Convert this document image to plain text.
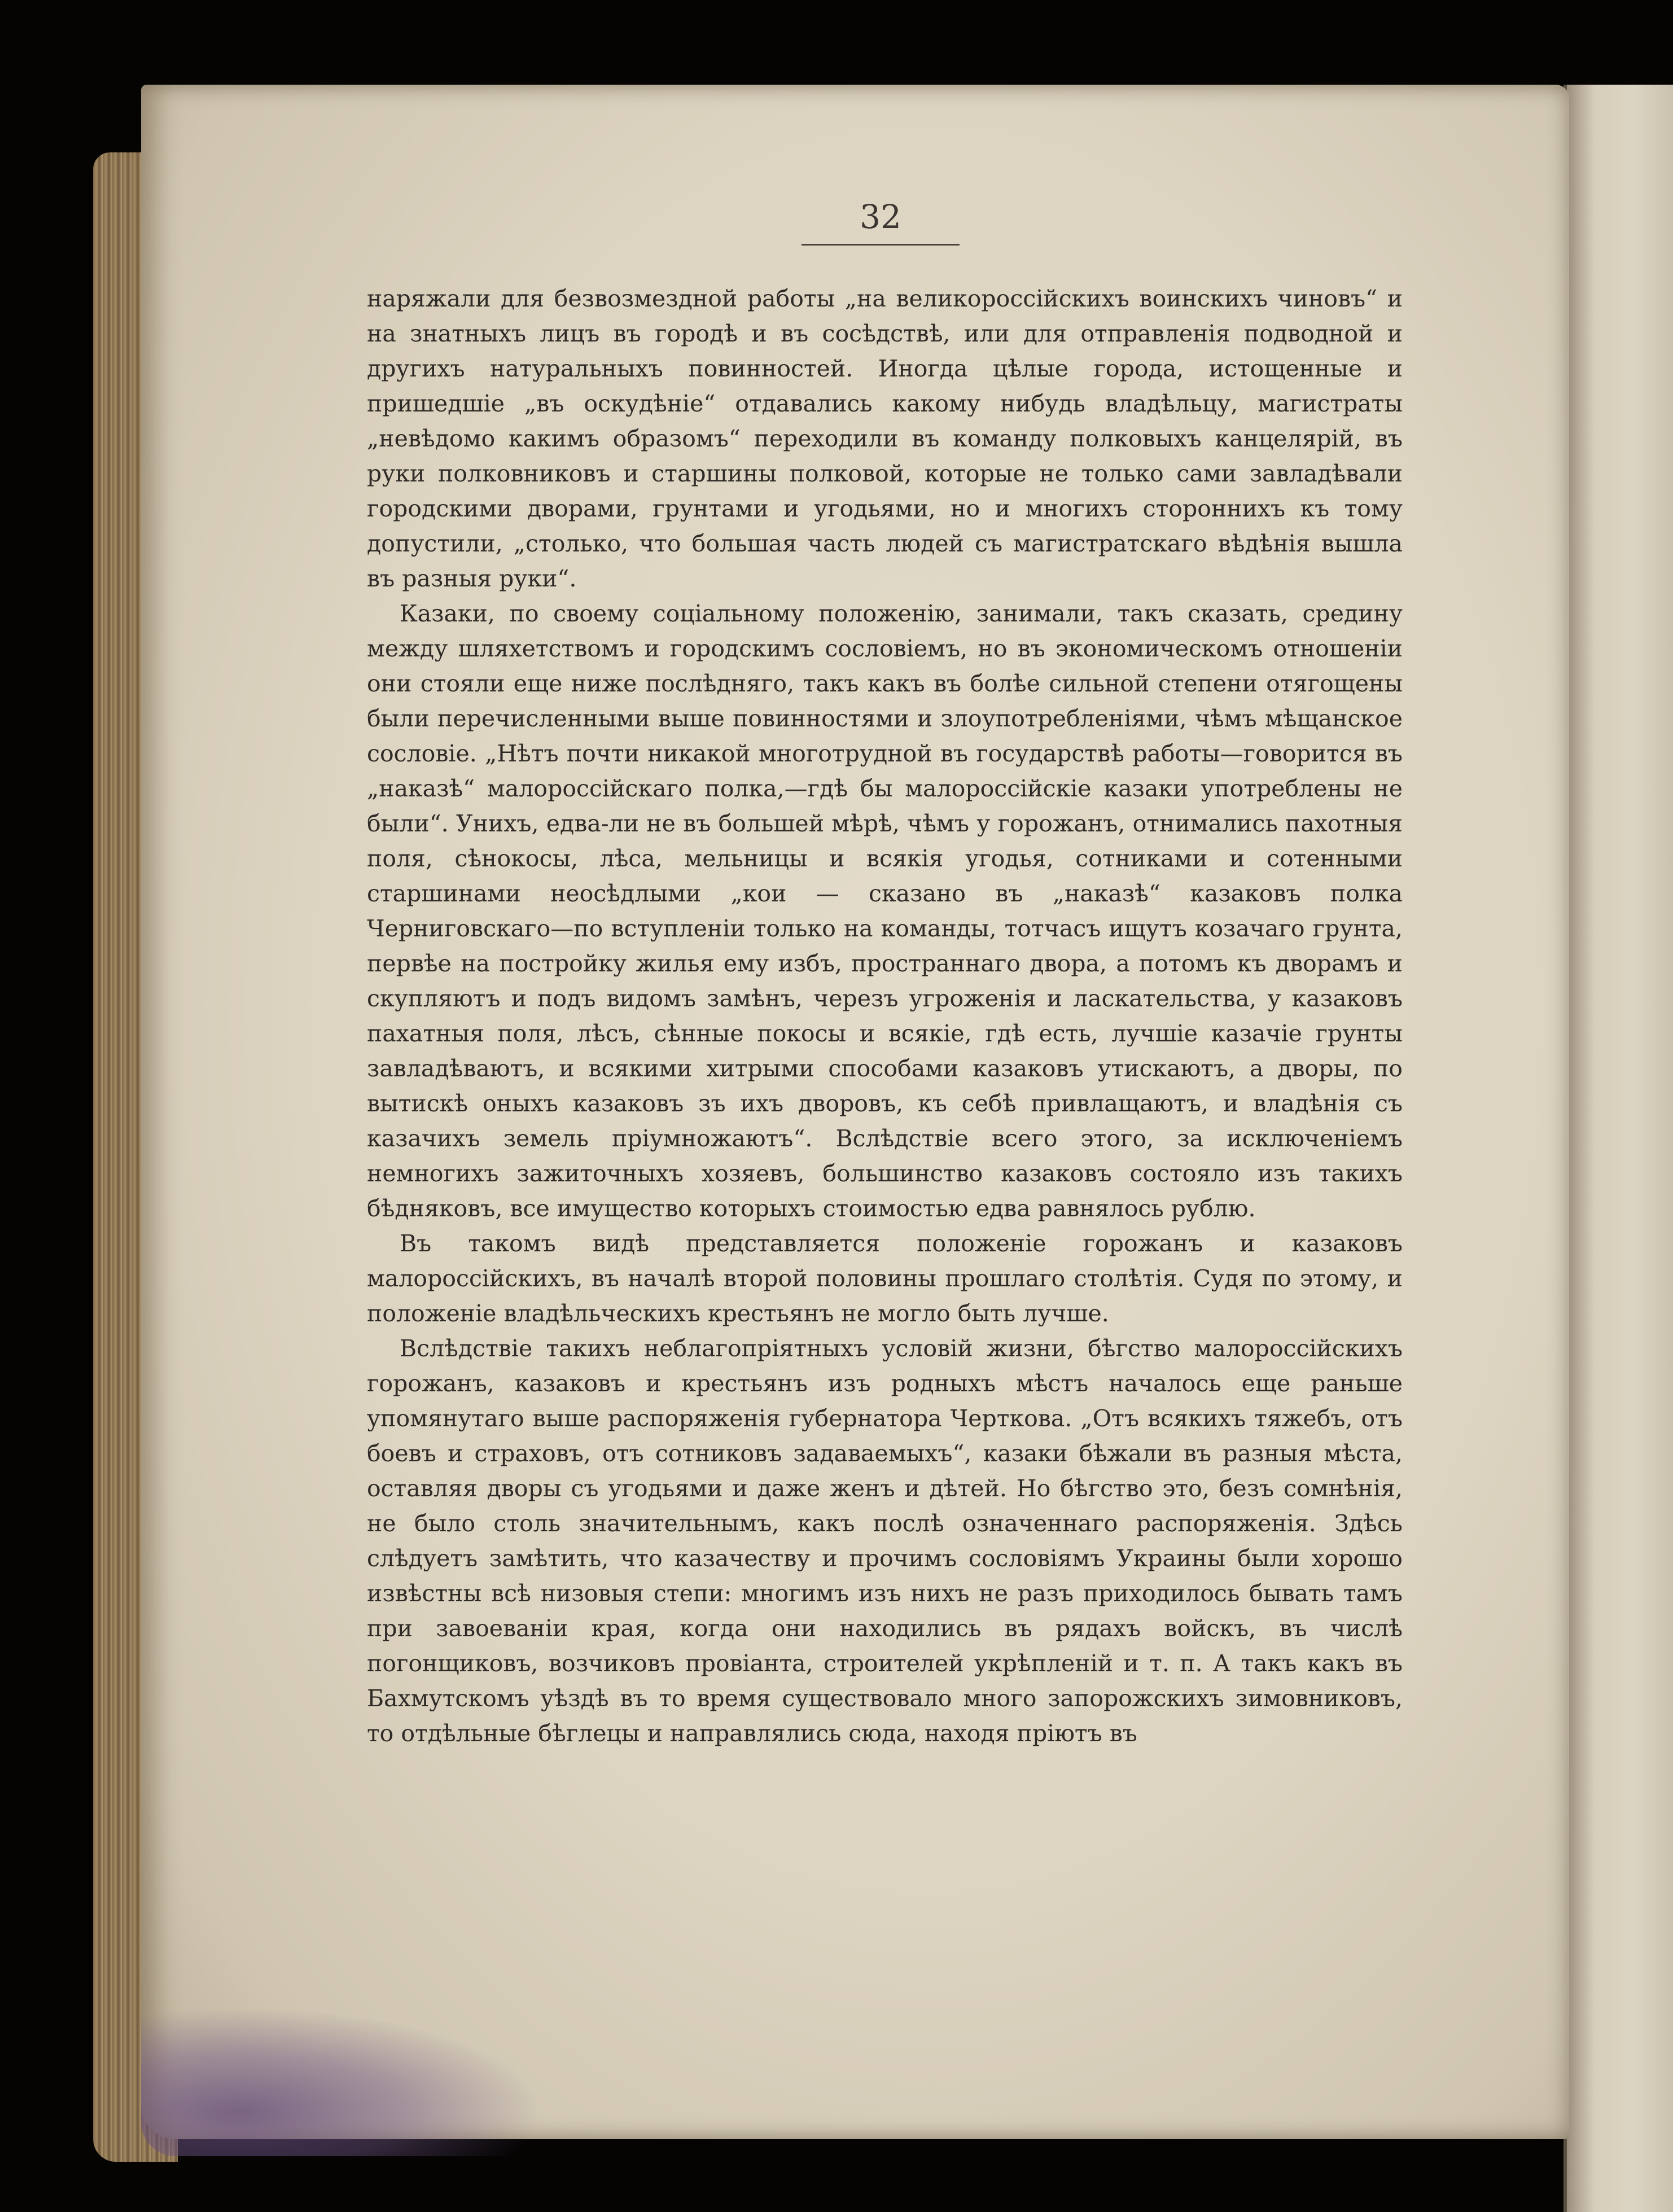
32

наряжали для безвозмездной работы „на великороссійскихъ воинскихъ чиновъ“ и на знатныхъ лицъ въ городѣ и въ сосѣдствѣ, или для отправленія подводной и другихъ натуральныхъ повинностей. Иногда цѣлые города, истощенные и пришедшіе „въ оскудѣніе“ отдавались какому нибудь владѣльцу, магистраты „невѣдомо какимъ образомъ“ переходили въ команду полковыхъ канцелярій, въ руки полковниковъ и старшины полковой, которые не только сами завладѣвали городскими дворами, грунтами и угодьями, но и многихъ стороннихъ къ тому допустили, „столько, что большая часть людей съ магистратскаго вѣдѣнія вышла въ разныя руки“.

Казаки, по своему соціальному положенію, занимали, такъ сказать, средину между шляхетствомъ и городскимъ сословіемъ, но въ экономическомъ отношеніи они стояли еще ниже послѣдняго, такъ какъ въ болѣе сильной степени отягощены были перечисленными выше повинностями и злоупотребленіями, чѣмъ мѣщанское сословіе. „Нѣтъ почти никакой многотрудной въ государствѣ работы—говорится въ „наказѣ“ малороссійскаго полка,—гдѣ бы малороссійскіе казаки употреблены не были“. Унихъ, едва-ли не въ большей мѣрѣ, чѣмъ у горожанъ, отнимались пахотныя поля, сѣнокосы, лѣса, мельницы и всякія угодья, сотниками и сотенными старшинами неосѣдлыми „кои — сказано въ „наказѣ“ казаковъ полка Черниговскаго—по вступленіи только на команды, тотчасъ ищутъ козачаго грунта, первѣе на постройку жилья ему избъ, пространнаго двора, а потомъ къ дворамъ и скупляютъ и подъ видомъ замѣнъ, черезъ угроженія и ласкательства, у казаковъ пахатныя поля, лѣсъ, сѣнные покосы и всякіе, гдѣ есть, лучшіе казачіе грунты завладѣваютъ, и всякими хитрыми способами казаковъ утискаютъ, а дворы, по вытискѣ оныхъ казаковъ зъ ихъ дворовъ, къ себѣ привлащаютъ, и владѣнія съ казачихъ земель пріумножаютъ“. Вслѣдствіе всего этого, за исключеніемъ немногихъ зажиточныхъ хозяевъ, большинство казаковъ состояло изъ такихъ бѣдняковъ, все имущество которыхъ стоимостью едва равнялось рублю.

Въ такомъ видѣ представляется положеніе горожанъ и казаковъ малороссійскихъ, въ началѣ второй половины прошлаго столѣтія. Судя по этому, и положеніе владѣльческихъ крестьянъ не могло быть лучше.

Вслѣдствіе такихъ неблагопріятныхъ условій жизни, бѣгство малороссійскихъ горожанъ, казаковъ и крестьянъ изъ родныхъ мѣстъ началось еще раньше упомянутаго выше распоряженія губернатора Черткова. „Отъ всякихъ тяжебъ, отъ боевъ и страховъ, отъ сотниковъ задаваемыхъ“, казаки бѣжали въ разныя мѣста, оставляя дворы съ угодьями и даже женъ и дѣтей. Но бѣгство это, безъ сомнѣнія, не было столь значительнымъ, какъ послѣ означеннаго распоряженія. Здѣсь слѣдуетъ замѣтить, что казачеству и прочимъ сословіямъ Украины были хорошо извѣстны всѣ низовыя степи: многимъ изъ нихъ не разъ приходилось бывать тамъ при завоеваніи края, когда они находились въ рядахъ войскъ, въ числѣ погонщиковъ, возчиковъ провіанта, строителей укрѣпленій и т. п. А такъ какъ въ Бахмутскомъ уѣздѣ въ то время существовало много запорожскихъ зимовниковъ, то отдѣльные бѣглецы и направлялись сюда, находя пріютъ въ
